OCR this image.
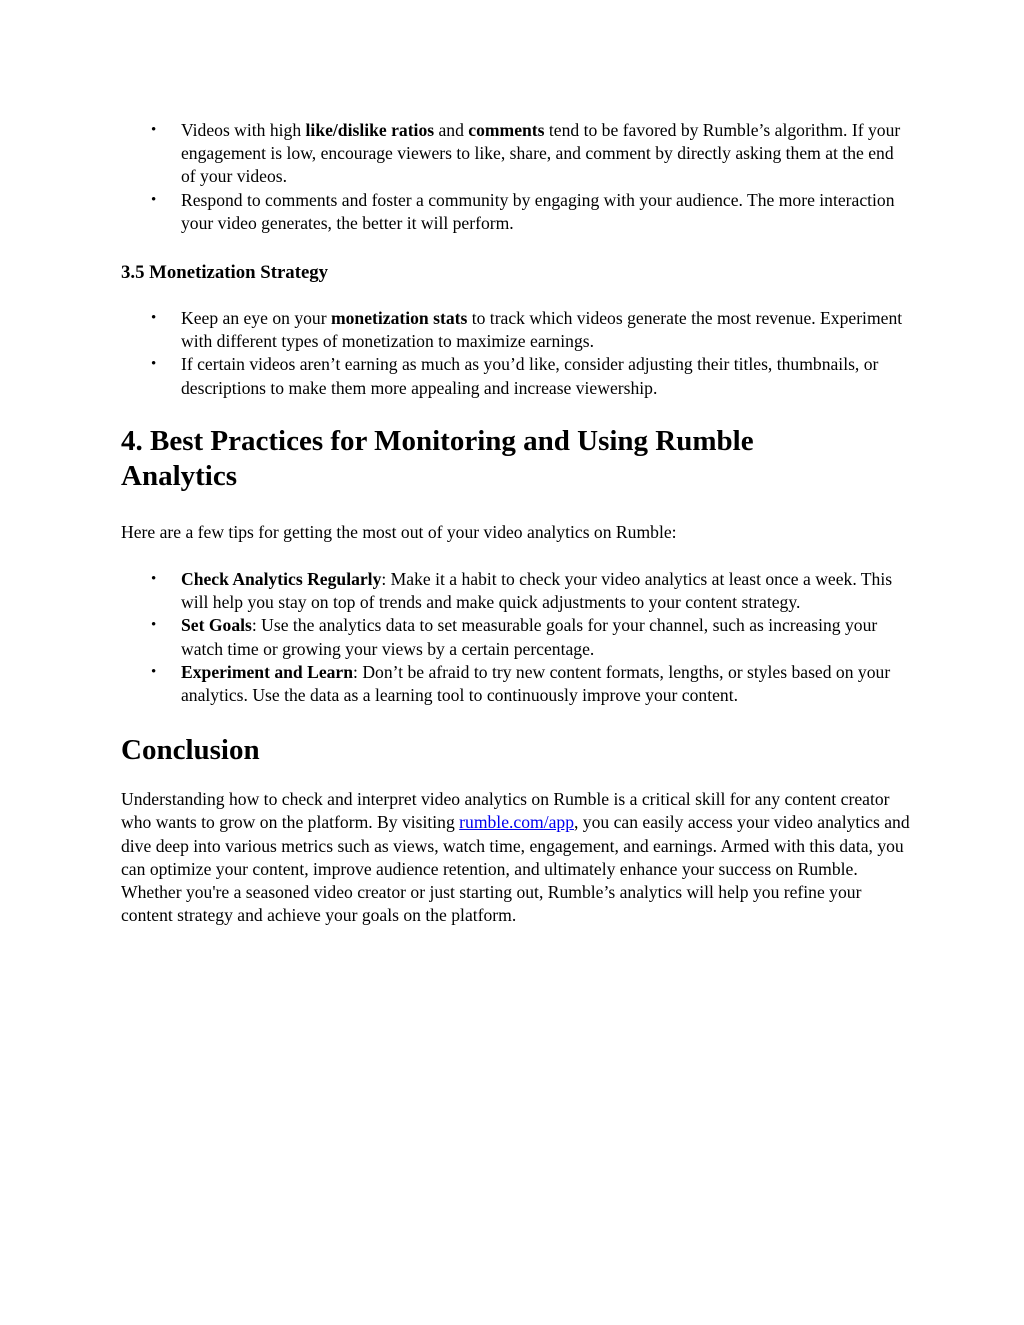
• Videos with high like/dislike ratios and comments tend to be favored by Rumble’s algorithm. If your engagement is low, encourage viewers to like, share, and comment by directly asking them at the end of your videos.
• Respond to comments and foster a community by engaging with your audience. The more interaction your video generates, the better it will perform.
3.5 Monetization Strategy
• Keep an eye on your monetization stats to track which videos generate the most revenue. Experiment with different types of monetization to maximize earnings.
• If certain videos aren’t earning as much as you’d like, consider adjusting their titles, thumbnails, or descriptions to make them more appealing and increase viewership.
4. Best Practices for Monitoring and Using Rumble Analytics

Here are a few tips for getting the most out of your video analytics on Rumble:

• Check Analytics Regularly: Make it a habit to check your video analytics at least once a week. This will help you stay on top of trends and make quick adjustments to your content strategy.
• Set Goals: Use the analytics data to set measurable goals for your channel, such as increasing your watch time or growing your views by a certain percentage.
• Experiment and Learn: Don’t be afraid to try new content formats, lengths, or styles based on your analytics. Use the data as a learning tool to continuously improve your content.
Conclusion

Understanding how to check and interpret video analytics on Rumble is a critical skill for any content creator who wants to grow on the platform. By visiting rumble.com/app, you can easily access your video analytics and dive deep into various metrics such as views, watch time, engagement, and earnings. Armed with this data, you can optimize your content, improve audience retention, and ultimately enhance your success on Rumble. Whether you're a seasoned video creator or just starting out, Rumble’s analytics will help you refine your content strategy and achieve your goals on the platform.
